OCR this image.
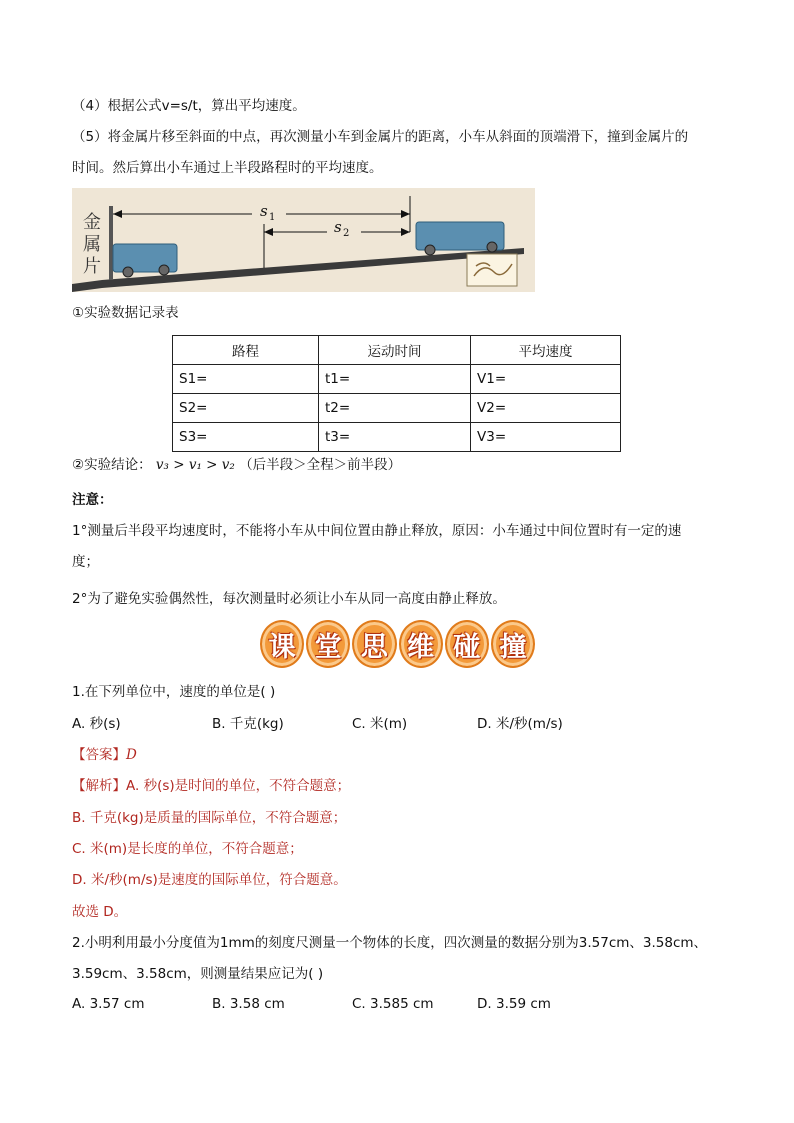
（4）根据公式v=s/t，算出平均速度。
（5）将金属片移至斜面的中点，再次测量小车到金属片的距离，小车从斜面的顶端滑下，撞到金属片的
时间。然后算出小车通过上半段路程时的平均速度。
金
属
片
s 1
s 2
①实验数据记录表
路程	运动时间	平均速度
S1=	t1=	V1=
S2=	t2=	V2=
S3=	t3=	V3=
②实验结论： v₃ > v₁ > v₂ （后半段＞全程＞前半段）
注意：
1°测量后半段平均速度时，不能将小车从中间位置由静止释放，原因：小车通过中间位置时有一定的速
度；
2°为了避免实验偶然性，每次测量时必须让小车从同一高度由静止释放。
课 堂 思 维 碰 撞
1.在下列单位中，速度的单位是( )
A. 秒(s)	B. 千克(kg)	C. 米(m)	D. 米/秒(m/s)
【答案】D
【解析】A. 秒(s)是时间的单位，不符合题意；
B. 千克(kg)是质量的国际单位，不符合题意；
C. 米(m)是长度的单位，不符合题意；
D. 米/秒(m/s)是速度的国际单位，符合题意。
故选 D。
2.小明利用最小分度值为1mm的刻度尺测量一个物体的长度，四次测量的数据分别为3.57cm、3.58cm、
3.59cm、3.58cm，则测量结果应记为( )
A. 3.57 cm	B. 3.58 cm	C. 3.585 cm	D. 3.59 cm
